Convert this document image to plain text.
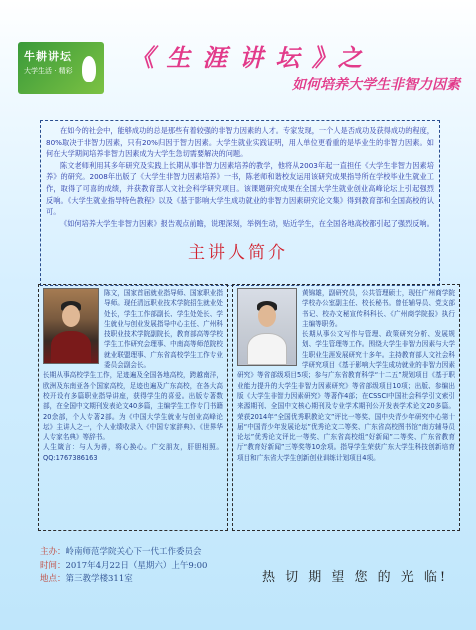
牛耕讲坛
大学生活 · 精彩 《 生 涯 讲 坛 》之
如何培养大学生非智力因素

在如今的社会中，能够成功的总是那些有着较强的非智力因素的人才。专家发现，一个人是否成功及获得成功的程度，80%取决于非智力因素，只有20%归因于智力因素。大学生就业实践证明，用人单位更看重的是毕业生的非智力因素。如何在大学期间培养非智力因素成为大学生急切需要解决的问题。

陈文老师利用其多年研究及实践上长期从事非智力因素培养的教学，他将从2003年起一直担任《大学生非智力因素培养》的研究。2008年出版了《大学生非智力因素培养》一书，陈老师和谐校友运用该研究成果指导所在学校毕业生就业工作，取得了可喜的成绩，并获教育部人文社会科学研究项目。该课题研究成果在全国大学生就业创业高峰论坛上引起强烈反响。《大学生就业指导特色教程》以及《基于影响大学生成功就业的非智力因素研究论文集》得到教育部和全国高校的认可。

《如何培养大学生非智力因素》报告观点前瞻，说理深刻，举例生动，贴近学生，在全国各地高校都引起了强烈反响。

主讲人简介

陈文，国家首届就业指导师、国家职业指导师。现任清远职业技术学院招生就业处处长，学生工作部副长、学生处处长、学生就业与创业发展指导中心主任、广州科技职业技术学院副院长，教育部高等学校学生工作研究会理事、中南高等师范院校就业联盟理事、广东省高校学生工作专业委员会副会长。

长期从事高校学生工作，足迹遍及全国各地高校，跨越南洋，欧洲及东南亚各个国家高校，足迹也遍及广东高校，在各大高校开设有多篇职业指导讲座，获得学生的喜爱。出版专著数部，在全国中文期刊发表论文40多篇，主编学生工作专门书籍20余部，个人专著2部。为《中国大学生就业与创业高峰论坛》主讲人之一，个人业绩收录入《中国专家辞典》、《世界华人专家名典》等辞书。

人生箴言：与人为善，将心换心。广交朋友，肝胆相照。QQ:1767386163

黄锦雄，副研究员，公共管理硕士，现任广州商学院学校办公室副主任、校长秘书。曾任辅导员、党支部书记、校办文秘宣传科科长、《广州商学院报》执行主编等职务。

长期从事公文写作与管理、政策研究分析、发展规划、学生管理等工作。围绕大学生非智力因素与大学生职业生涯发展研究十多年。主持教育部人文社会科学研究项目《基于影响大学生成功就业的非智力因素研究》等省部级项目5项；参与广东省教育科学“十二五”规划项目《基于职业能力提升的大学生非智力因素研究》等省部级项目10项；出版、参编出版《大学生非智力因素研究》等著作4部；在CSSCI中国社会科学引文索引来源期刊、全国中文核心期刊及专业学术期刊公开发表学术论文20多篇。荣获2014年“全国优秀职教论文”评比一等奖、国中央青少年研究中心第十届“中国青少年发展论坛”优秀论文二等奖、广东省高校图书馆“南方辅导员论坛”优秀论文评比一等奖、广东省高校组“好新闻”二等奖、广东省教育厅“教育好新闻”三等奖等10余项。指导学生荣获广东大学生科技创新培育项目和广东省大学生创新创业训练计划项目4项。

主办：岭南师范学院关心下一代工作委员会
时间：2017年4月22日（星期六）上午9:00
地点：第三教学楼311室	热 切 期 望 您 的 光 临!
